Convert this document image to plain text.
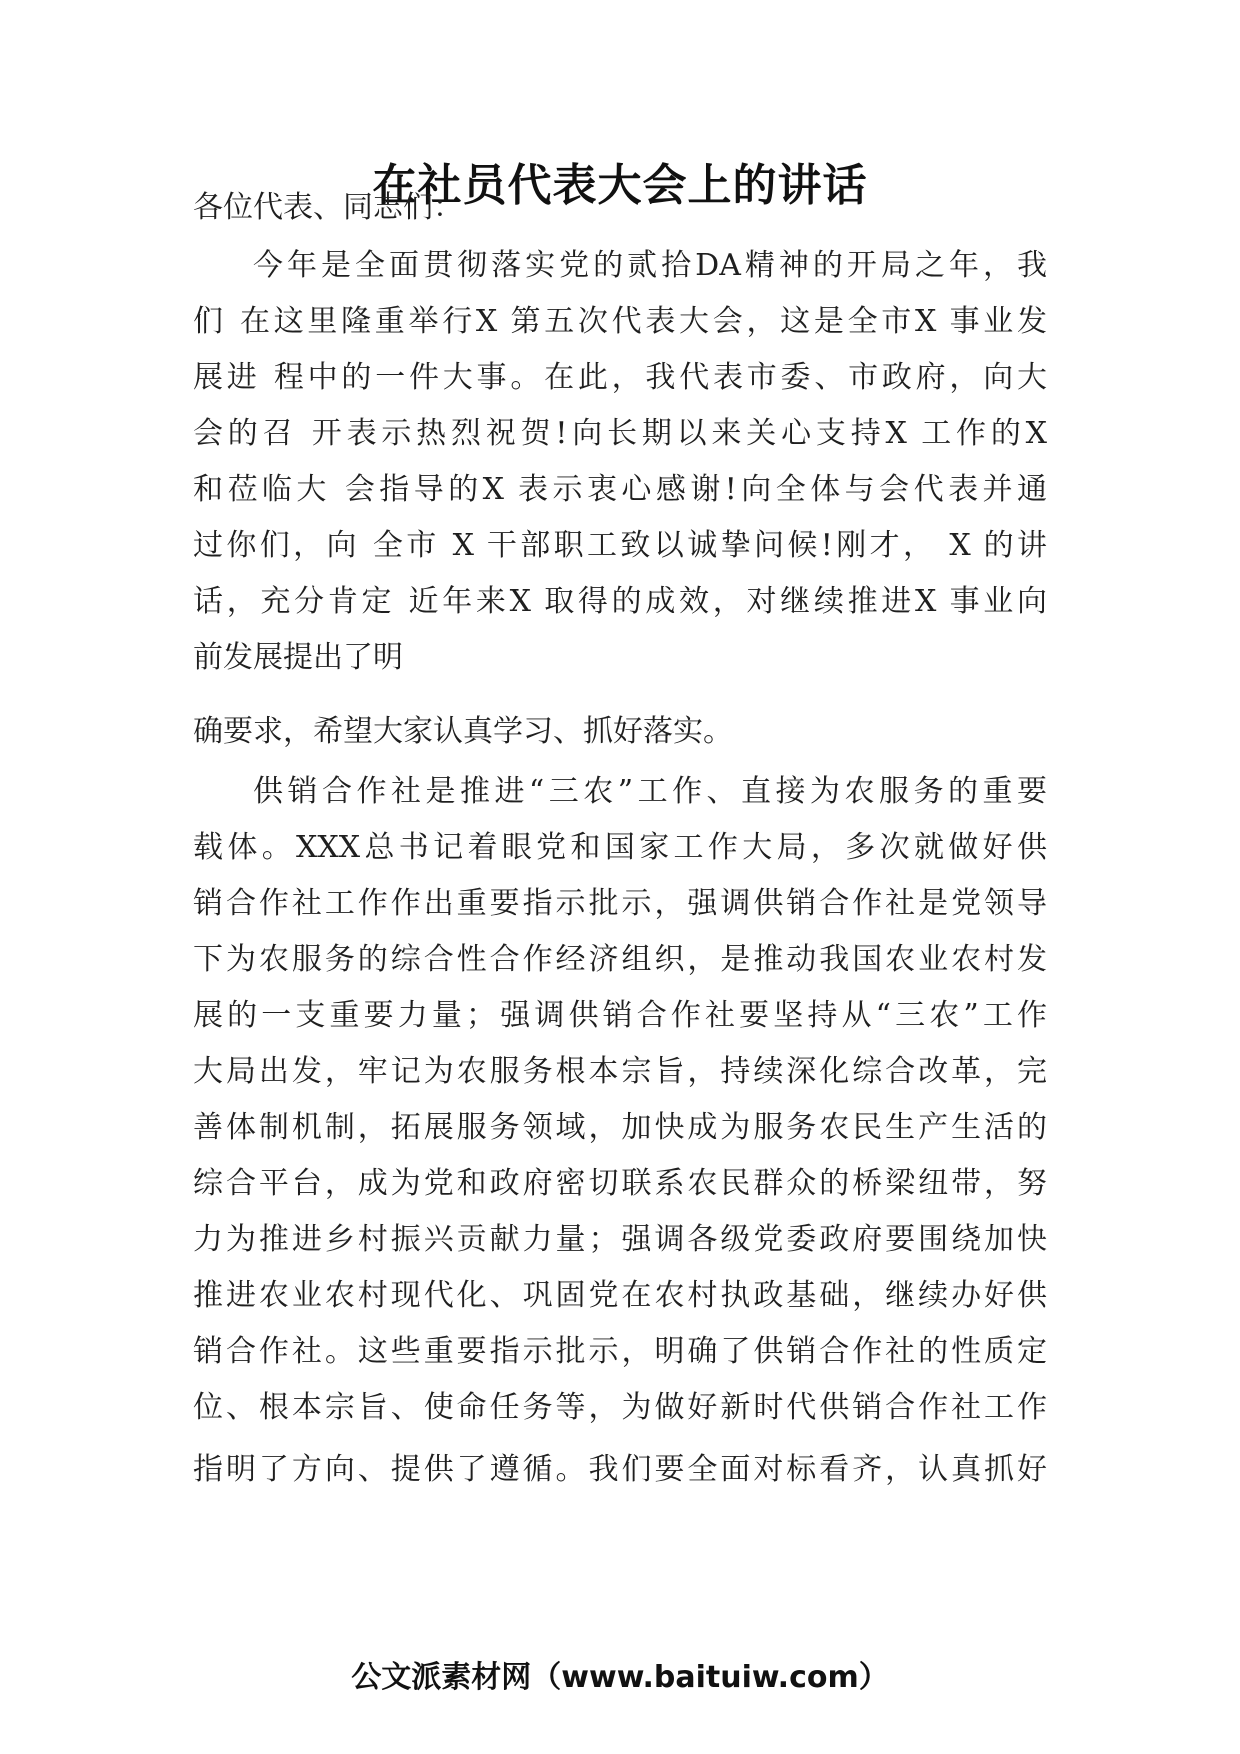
在社员代表大会上的讲话
各位代表、同志们：
今年是全面贯彻落实党的贰拾DA精神的开局之年，我
们 在这里隆重举行X 第五次代表大会，这是全市X 事业发
展进 程中的一件大事。在此，我代表市委、市政府，向大
会的召 开表示热烈祝贺!向长期以来关心支持X 工作的X
和莅临大 会指导的X 表示衷心感谢!向全体与会代表并通
过你们，向 全市 X 干部职工致以诚挚问候!刚才， X 的讲
话，充分肯定 近年来X 取得的成效，对继续推进X 事业向
前发展提出了明
确要求，希望大家认真学习、抓好落实。
供销合作社是推进“三农”工作、直接为农服务的重要
载体。XXX总书记着眼党和国家工作大局，多次就做好供
销合作社工作作出重要指示批示，强调供销合作社是党领导
下为农服务的综合性合作经济组织，是推动我国农业农村发
展的一支重要力量；强调供销合作社要坚持从“三农”工作
大局出发，牢记为农服务根本宗旨，持续深化综合改革，完
善体制机制，拓展服务领域，加快成为服务农民生产生活的
综合平台，成为党和政府密切联系农民群众的桥梁纽带，努
力为推进乡村振兴贡献力量；强调各级党委政府要围绕加快
推进农业农村现代化、巩固党在农村执政基础，继续办好供
销合作社。这些重要指示批示，明确了供销合作社的性质定
位、根本宗旨、使命任务等，为做好新时代供销合作社工作
指明了方向、提供了遵循。我们要全面对标看齐，认真抓好
公文派素材网（www.baituiw.com）
